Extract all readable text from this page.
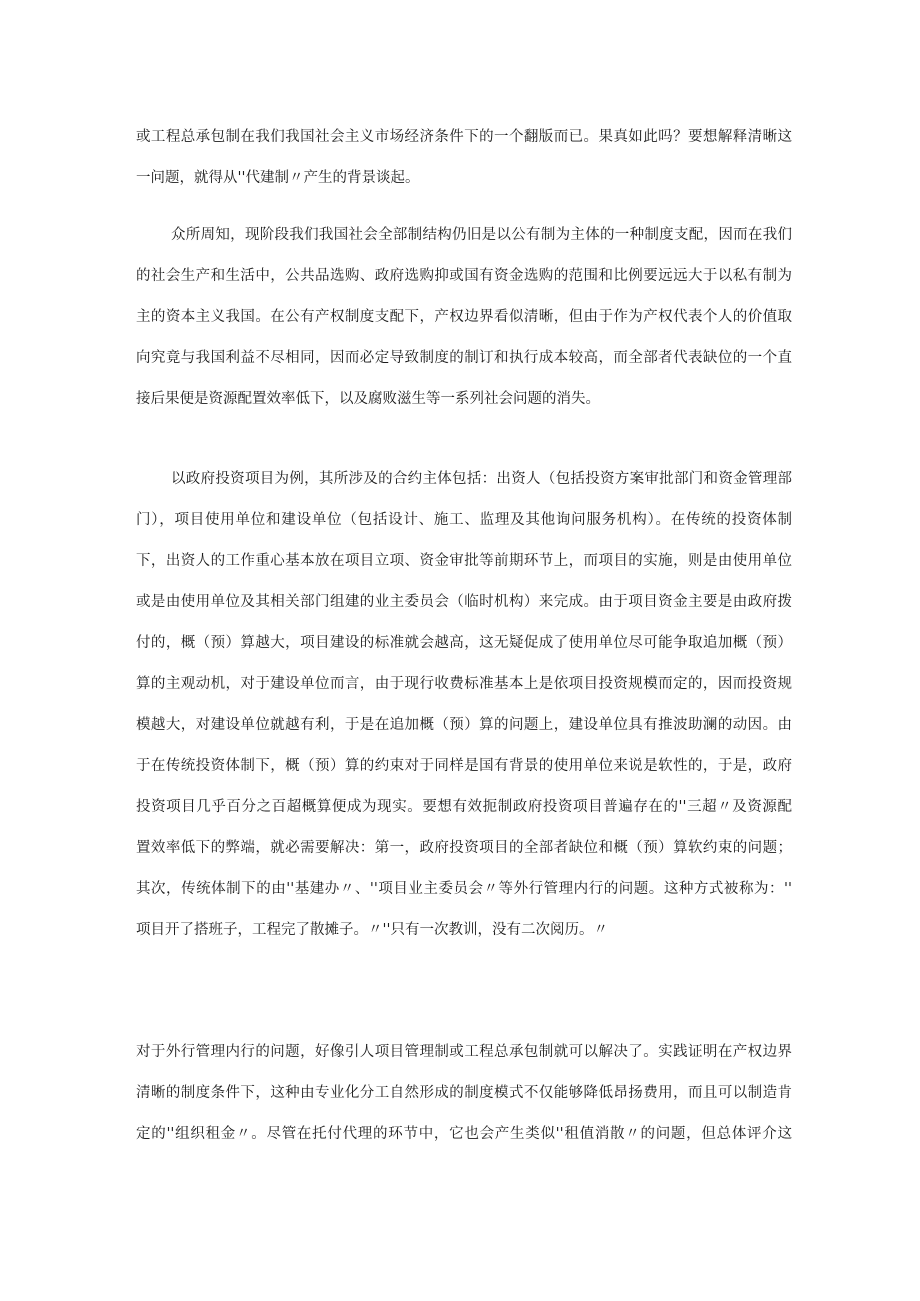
或工程总承包制在我们我国社会主义市场经济条件下的一个翻版而已。果真如此吗？要想解释清晰这
一问题，就得从''代建制〃产生的背景谈起。
众所周知，现阶段我们我国社会全部制结构仍旧是以公有制为主体的一种制度支配，因而在我们
的社会生产和生活中，公共品选购、政府选购抑或国有资金选购的范围和比例要远远大于以私有制为
主的资本主义我国。在公有产权制度支配下，产权边界看似清晰，但由于作为产权代表个人的价值取
向究竟与我国利益不尽相同，因而必定导致制度的制订和执行成本较高，而全部者代表缺位的一个直
接后果便是资源配置效率低下，以及腐败滋生等一系列社会问题的消失。
以政府投资项目为例，其所涉及的合约主体包括：出资人（包括投资方案审批部门和资金管理部
门），项目使用单位和建设单位（包括设计、施工、监理及其他询问服务机构）。在传统的投资体制
下，出资人的工作重心基本放在项目立项、资金审批等前期环节上，而项目的实施，则是由使用单位
或是由使用单位及其相关部门组建的业主委员会（临时机构）来完成。由于项目资金主要是由政府拨
付的，概（预）算越大，项目建设的标准就会越高，这无疑促成了使用单位尽可能争取追加概（预）
算的主观动机，对于建设单位而言，由于现行收费标准基本上是依项目投资规模而定的，因而投资规
模越大，对建设单位就越有利，于是在追加概（预）算的问题上，建设单位具有推波助澜的动因。由
于在传统投资体制下，概（预）算的约束对于同样是国有背景的使用单位来说是软性的，于是，政府
投资项目几乎百分之百超概算便成为现实。要想有效扼制政府投资项目普遍存在的''三超〃及资源配
置效率低下的弊端，就必需要解决：第一，政府投资项目的全部者缺位和概（预）算软约束的问题；
其次，传统体制下的由''基建办〃、''项目业主委员会〃等外行管理内行的问题。这种方式被称为：''
项目开了搭班子，工程完了散摊子。〃''只有一次教训，没有二次阅历。〃
对于外行管理内行的问题，好像引人项目管理制或工程总承包制就可以解决了。实践证明在产权边界
清晰的制度条件下，这种由专业化分工自然形成的制度模式不仅能够降低昂扬费用，而且可以制造肯
定的''组织租金〃。尽管在托付代理的环节中，它也会产生类似''租值消散〃的问题，但总体评介这
